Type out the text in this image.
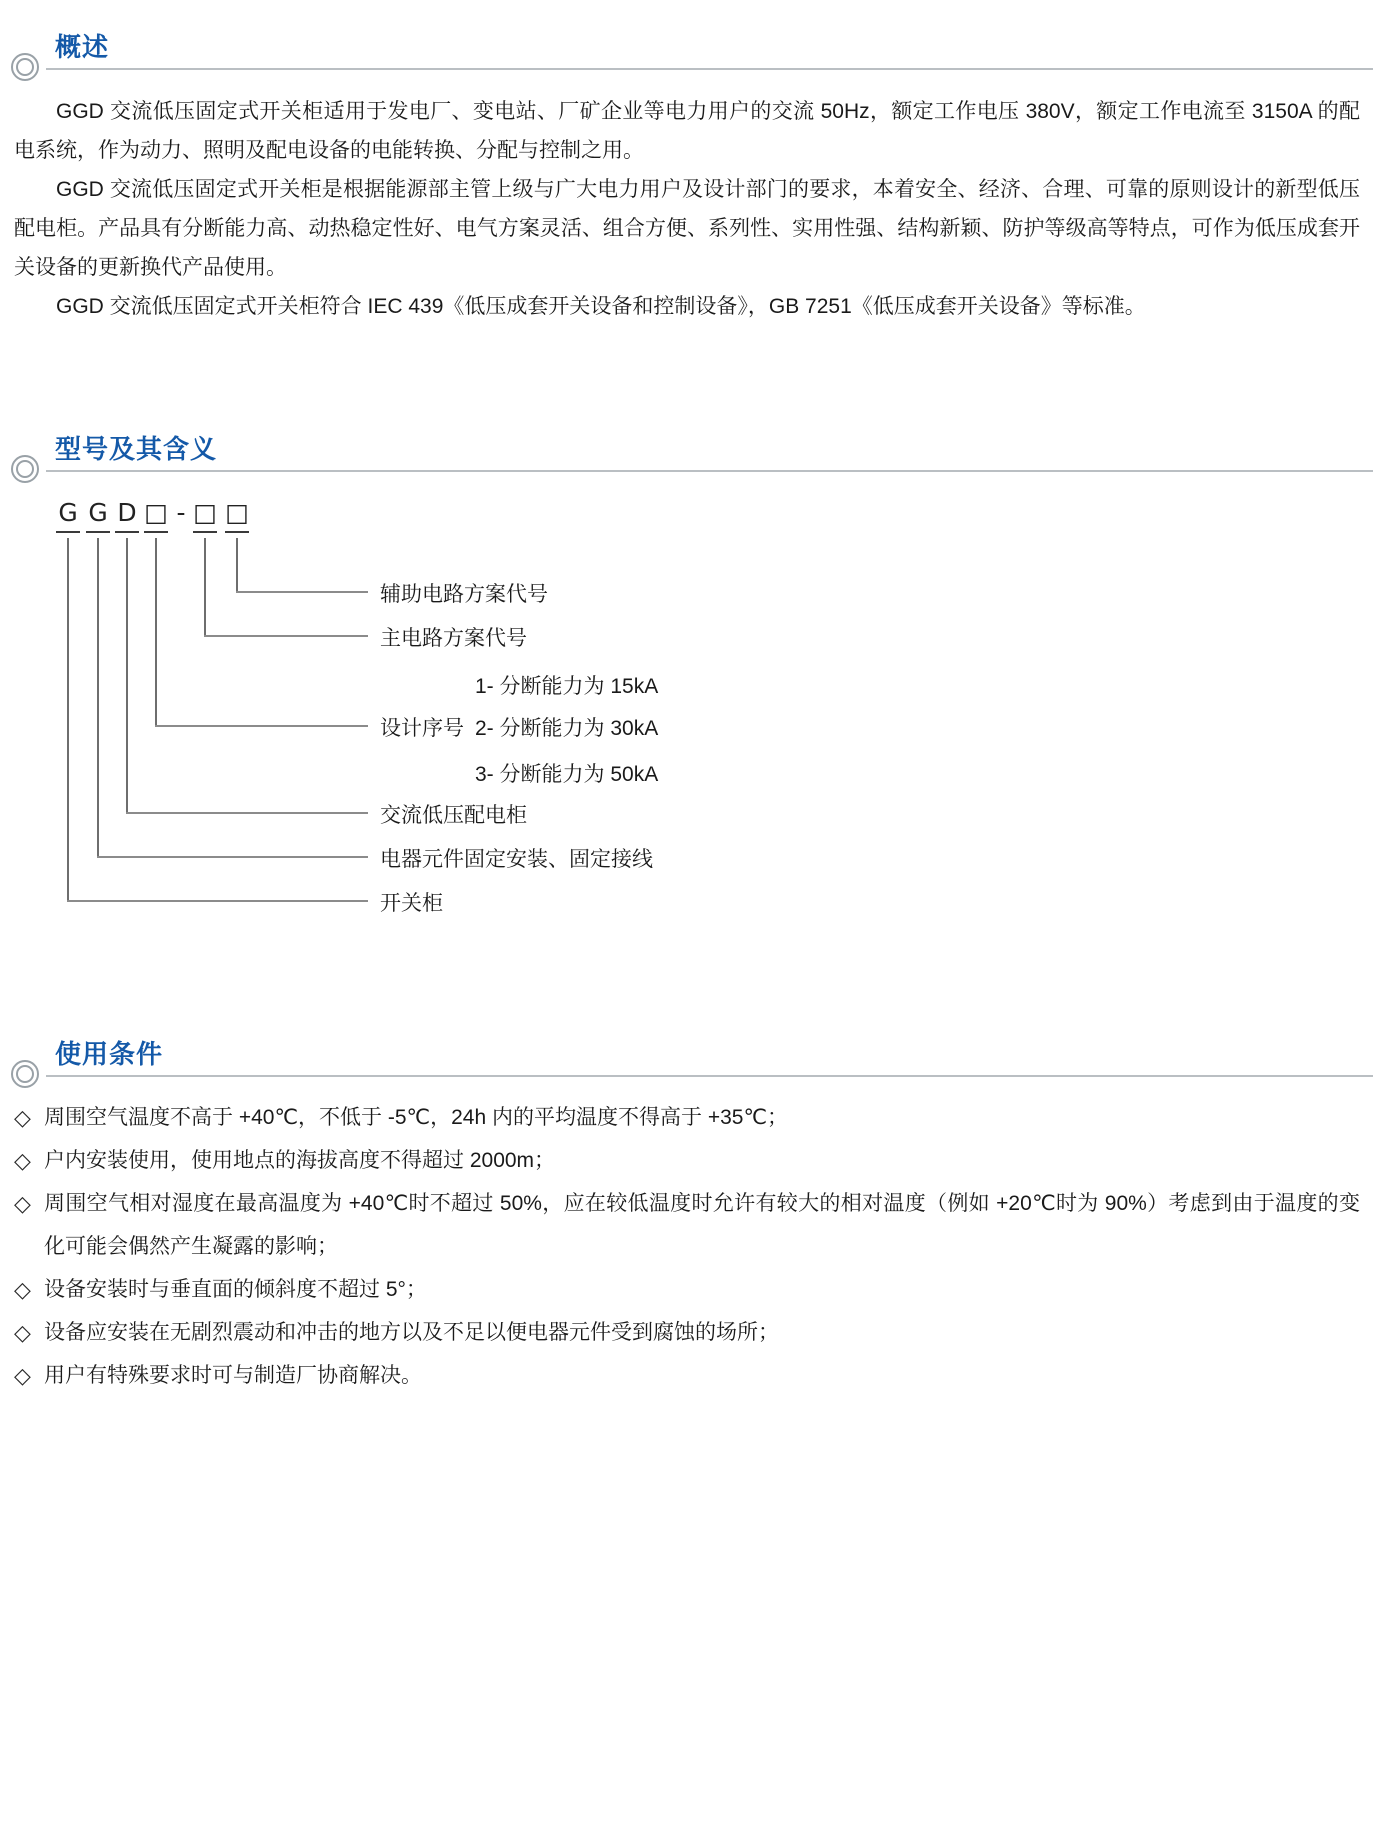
概述

GGD 交流低压固定式开关柜适用于发电厂、变电站、厂矿企业等电力用户的交流 50Hz，额定工作电压 380V，额定工作电流至 3150A 的配电系统，作为动力、照明及配电设备的电能转换、分配与控制之用。

GGD 交流低压固定式开关柜是根据能源部主管上级与广大电力用户及设计部门的要求，本着安全、经济、合理、可靠的原则设计的新型低压配电柜。产品具有分断能力高、动热稳定性好、电气方案灵活、组合方便、系列性、实用性强、结构新颖、防护等级高等特点，可作为低压成套开关设备的更新换代产品使用。

GGD 交流低压固定式开关柜符合 IEC 439《低压成套开关设备和控制设备》，GB 7251《低压成套开关设备》等标准。

型号及其含义
G G D □ - □ □
辅助电路方案代号
主电路方案代号
1- 分断能力为 15kA
设计序号 2- 分断能力为 30kA
3- 分断能力为 50kA
交流低压配电柜
电器元件固定安装、固定接线
开关柜
使用条件
◇ 周围空气温度不高于 +40℃，不低于 -5℃，24h 内的平均温度不得高于 +35℃；
◇ 户内安装使用，使用地点的海拔高度不得超过 2000m；
◇ 周围空气相对湿度在最高温度为 +40℃时不超过 50%，应在较低温度时允许有较大的相对温度（例如 +20℃时为 90%）考虑到由于温度的变化可能会偶然产生凝露的影响；
◇ 设备安装时与垂直面的倾斜度不超过 5°；
◇ 设备应安装在无剧烈震动和冲击的地方以及不足以便电器元件受到腐蚀的场所；
◇ 用户有特殊要求时可与制造厂协商解决。
